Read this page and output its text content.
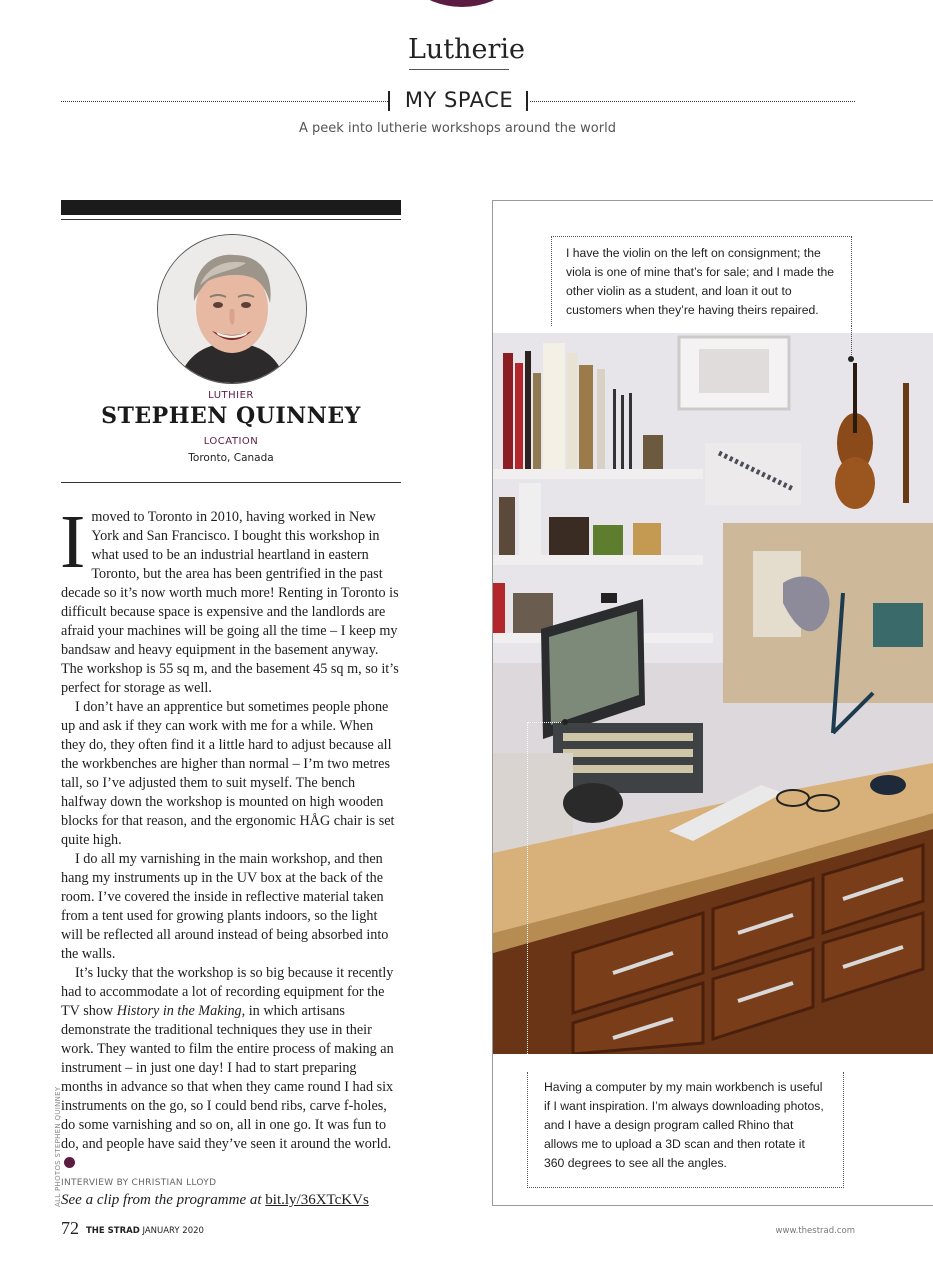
Lutherie
MY SPACE
A peek into lutherie workshops around the world
LUTHIER
STEPHEN QUINNEY
LOCATION
Toronto, Canada

I moved to Toronto in 2010, having worked in New York and San Francisco. I bought this workshop in what used to be an industrial heartland in eastern Toronto, but the area has been gentrified in the past decade so it’s now worth much more! Renting in Toronto is difficult because space is expensive and the landlords are afraid your machines will be going all the time – I keep my bandsaw and heavy equipment in the basement anyway. The workshop is 55 sq m, and the basement 45 sq m, so it’s perfect for storage as well.

I don’t have an apprentice but sometimes people phone up and ask if they can work with me for a while. When they do, they often find it a little hard to adjust because all the workbenches are higher than normal – I’m two metres tall, so I’ve adjusted them to suit myself. The bench halfway down the workshop is mounted on high wooden blocks for that reason, and the ergonomic HÅG chair is set quite high.

I do all my varnishing in the main workshop, and then hang my instruments up in the UV box at the back of the room. I’ve covered the inside in reflective material taken from a tent used for growing plants indoors, so the light will be reflected all around instead of being absorbed into the walls.

It’s lucky that the workshop is so big because it recently had to accommodate a lot of recording equipment for the TV show History in the Making, in which artisans demonstrate the traditional techniques they use in their work. They wanted to film the entire process of making an instrument – in just one day! I had to start preparing months in advance so that when they came round I had six instruments on the go, so I could bend ribs, carve f-holes, do some varnishing and so on, all in one go. It was fun to do, and people have said they’ve seen it around the world.

INTERVIEW BY CHRISTIAN LLOYD
See a clip from the programme at bit.ly/36XTcKVs
ALL PHOTOS STEPHEN QUINNEY
72 THE STRAD JANUARY 2020	www.thestrad.com
I have the violin on the left on consignment; the viola is one of mine that’s for sale; and I made the other violin as a student, and loan it out to customers when they’re having theirs repaired.
Having a computer by my main workbench is useful if I want inspiration. I’m always downloading photos, and I have a design program called Rhino that allows me to upload a 3D scan and then rotate it 360 degrees to see all the angles.
